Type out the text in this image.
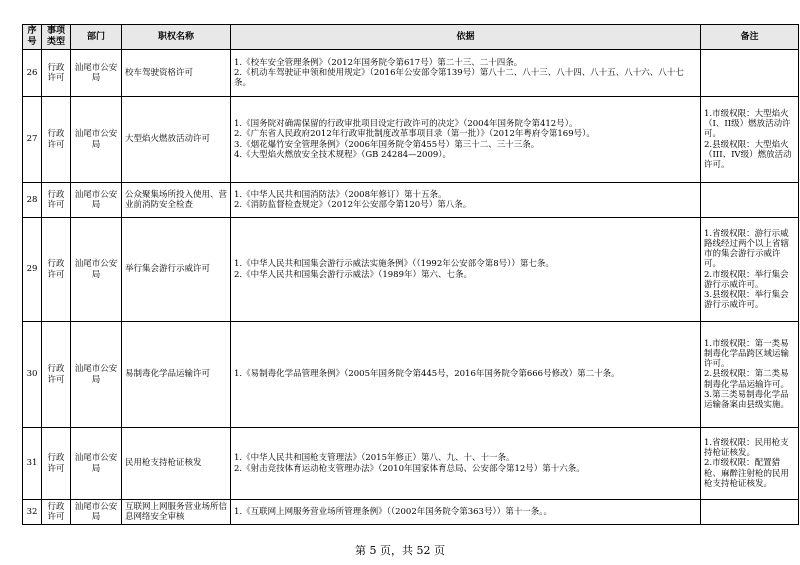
序号	事项类型	部门	职权名称	依据	备注
26	行政许可	汕尾市公安局	校车驾驶资格许可	1.《校车安全管理条例》（2012年国务院令第617号）第二十三、二十四条。
2.《机动车驾驶证申领和使用规定》（2016年公安部令第139号）第八十二、八十三、八十四、八十五、八十六、八十七条。	

27	行政许可	汕尾市公安局	大型焰火燃放活动许可	1.《国务院对确需保留的行政审批项目设定行政许可的决定》（2004年国务院令第412号）。
2.《广东省人民政府2012年行政审批制度改革事项目录（第一批）》（2012年粤府令第169号）。
3.《烟花爆竹安全管理条例》（2006年国务院令第455号）第三十二、三十三条。
4.《大型焰火燃放安全技术规程》（GB 24284—2009）。	1.市级权限：大型焰火（I、II级）燃放活动许可。
2.县级权限：大型焰火（III、IV级）燃放活动许可。

28	行政许可	汕尾市公安局	公众聚集场所投入使用、营业前消防安全检查	1.《中华人民共和国消防法》（2008年修订）第十五条。
2.《消防监督检查规定》（2012年公安部令第120号）第八条。	

29	行政许可	汕尾市公安局	举行集会游行示威许可	1.《中华人民共和国集会游行示威法实施条例》（（1992年公安部令第8号））第七条。
2.《中华人民共和国集会游行示威法》（1989年）第六、七条。	1.省级权限：游行示威路线经过两个以上省辖市的集会游行示威许可。
2.市级权限：举行集会游行示威许可。
3.县级权限：举行集会游行示威许可。

30	行政许可	汕尾市公安局	易制毒化学品运输许可	1.《易制毒化学品管理条例》（2005年国务院令第445号，2016年国务院令第666号修改）第二十条。	1.市级权限：第一类易制毒化学品跨区域运输许可。
2.县级权限：第二类易制毒化学品运输许可。
3.第三类易制毒化学品运输备案由县级实施。

31	行政许可	汕尾市公安局	民用枪支持枪证核发	1.《中华人民共和国枪支管理法》（2015年修正）第八、九、十、十一条。
2.《射击竞技体育运动枪支管理办法》（2010年国家体育总局、公安部令第12号）第十六条。	1.省级权限：民用枪支持枪证核发。
2.市级权限：配置猎枪、麻醉注射枪的民用枪支持枪证核发。

32	行政许可	汕尾市公安局	互联网上网服务营业场所信息网络安全审核	1.《互联网上网服务营业场所管理条例》（（2002年国务院令第363号））第十一条。。	

第 5 页，共 52 页
